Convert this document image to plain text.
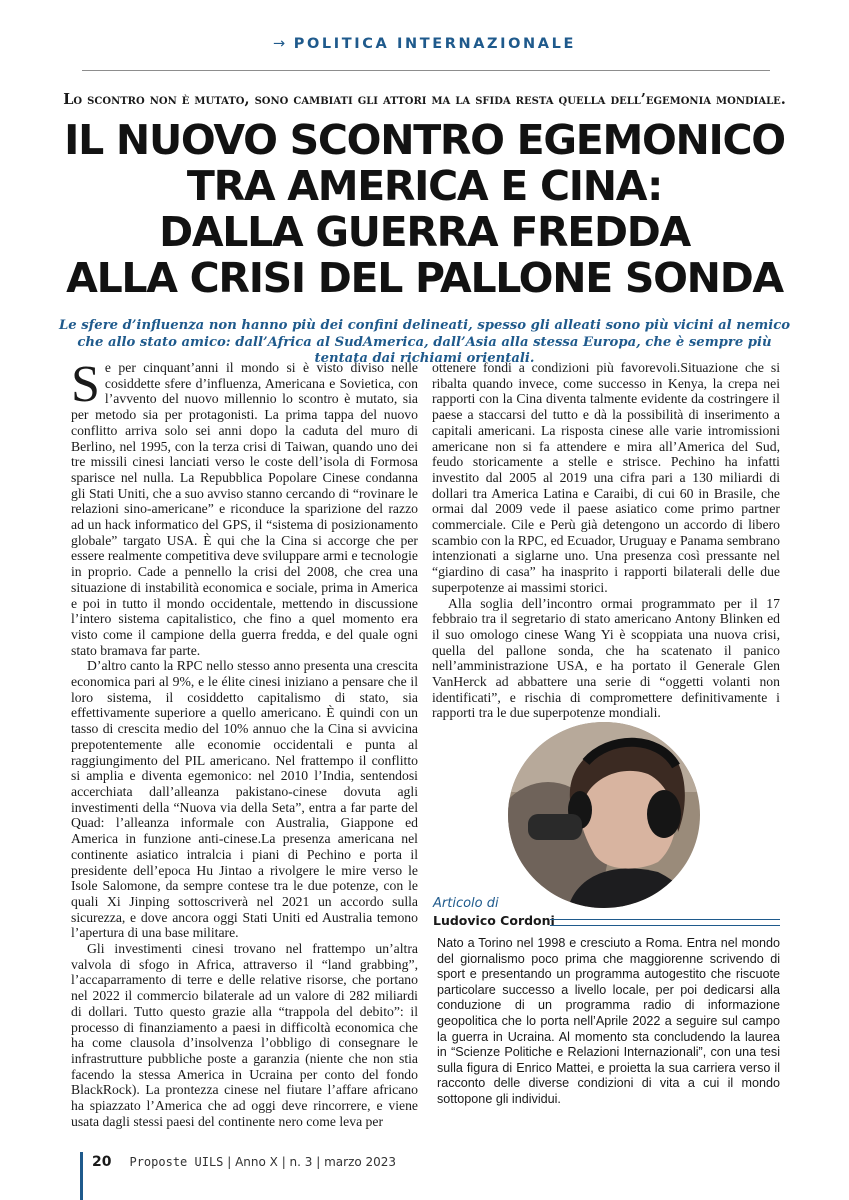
→ POLITICA INTERNAZIONALE
Lo scontro non è mutato, sono cambiati gli attori ma la sfida resta quella dell’egemonia mondiale.
IL NUOVO SCONTRO EGEMONICO
TRA AMERICA E CINA:
DALLA GUERRA FREDDA
ALLA CRISI DEL PALLONE SONDA
Le sfere d’influenza non hanno più dei confini delineati, spesso gli alleati sono più vicini al nemico che allo stato amico: dall’Africa al SudAmerica, dall’Asia alla stessa Europa, che è sempre più tentata dai richiami orientali.

Se per cinquant’anni il mondo si è visto diviso nelle cosiddette sfere d’influenza, Americana e Sovietica, con l’avvento del nuovo millennio lo scontro è mutato, sia per metodo sia per protagonisti. La prima tappa del nuovo conflitto arriva solo sei anni dopo la caduta del muro di Berlino, nel 1995, con la terza crisi di Taiwan, quando uno dei tre missili cinesi lanciati verso le coste dell’isola di Formosa sparisce nel nulla. La Repubblica Popolare Cinese condanna gli Stati Uniti, che a suo avviso stanno cercando di “rovinare le relazioni sino-americane” e riconduce la sparizione del razzo ad un hack informatico del GPS, il “sistema di posizionamento globale” targato USA. È qui che la Cina si accorge che per essere realmente competitiva deve sviluppare armi e tecnologie in proprio. Cade a pennello la crisi del 2008, che crea una situazione di instabilità economica e sociale, prima in America e poi in tutto il mondo occidentale, mettendo in discussione l’intero sistema capitalistico, che fino a quel momento era visto come il campione della guerra fredda, e del quale ogni stato bramava far parte.

D’altro canto la RPC nello stesso anno presenta una crescita economica pari al 9%, e le élite cinesi iniziano a pensare che il loro sistema, il cosiddetto capitalismo di stato, sia effettivamente superiore a quello americano. È quindi con un tasso di crescita medio del 10% annuo che la Cina si avvicina prepotentemente alle economie occidentali e punta al raggiungimento del PIL americano. Nel frattempo il conflitto si amplia e diventa egemonico: nel 2010 l’India, sentendosi accerchiata dall’alleanza pakistano-cinese dovuta agli investimenti della “Nuova via della Seta”, entra a far parte del Quad: l’alleanza informale con Australia, Giappone ed America in funzione anti-cinese.La presenza americana nel continente asiatico intralcia i piani di Pechino e porta il presidente dell’epoca Hu Jintao a rivolgere le mire verso le Isole Salomone, da sempre contese tra le due potenze, con le quali Xi Jinping sottoscriverà nel 2021 un accordo sulla sicurezza, e dove ancora oggi Stati Uniti ed Australia temono l’apertura di una base militare.

Gli investimenti cinesi trovano nel frattempo un’altra valvola di sfogo in Africa, attraverso il “land grabbing”, l’accaparramento di terre e delle relative risorse, che portano nel 2022 il commercio bilaterale ad un valore di 282 miliardi di dollari. Tutto questo grazie alla “trappola del debito”: il processo di finanziamento a paesi in difficoltà economica che ha come clausola d’insolvenza l’obbligo di consegnare le infrastrutture pubbliche poste a garanzia (niente che non stia facendo la stessa America in Ucraina per conto del fondo BlackRock). La prontezza cinese nel fiutare l’affare africano ha spiazzato l’America che ad oggi deve rincorrere, e viene usata dagli stessi paesi del continente nero come leva per

ottenere fondi a condizioni più favorevoli.Situazione che si ribalta quando invece, come successo in Kenya, la crepa nei rapporti con la Cina diventa talmente evidente da costringere il paese a staccarsi del tutto e dà la possibilità di inserimento a capitali americani. La risposta cinese alle varie intromissioni americane non si fa attendere e mira all’America del Sud, feudo storicamente a stelle e strisce. Pechino ha infatti investito dal 2005 al 2019 una cifra pari a 130 miliardi di dollari tra America Latina e Caraibi, di cui 60 in Brasile, che ormai dal 2009 vede il paese asiatico come primo partner commerciale. Cile e Perù già detengono un accordo di libero scambio con la RPC, ed Ecuador, Uruguay e Panama sembrano intenzionati a siglarne uno. Una presenza così pressante nel “giardino di casa” ha inasprito i rapporti bilaterali delle due superpotenze ai massimi storici.

Alla soglia dell’incontro ormai programmato per il 17 febbraio tra il segretario di stato americano Antony Blinken ed il suo omologo cinese Wang Yi è scoppiata una nuova crisi, quella del pallone sonda, che ha scatenato il panico nell’amministrazione USA, e ha portato il Generale Glen VanHerck ad abbattere una serie di “oggetti volanti non identificati”, e rischia di compromettere definitivamente i rapporti tra le due superpotenze mondiali.

Articolo di
Ludovico Cordoni
Nato a Torino nel 1998 e cresciuto a Roma. Entra nel mondo del giornalismo poco prima che maggiorenne scrivendo di sport e presentando un programma autogestito che riscuote particolare successo a livello locale, per poi dedicarsi alla conduzione di un programma radio di informazione geopolitica che lo porta nell’Aprile 2022 a seguire sul campo la guerra in Ucraina. Al momento sta concludendo la laurea in “Scienze Politiche e Relazioni Internazionali”, con una tesi sulla figura di Enrico Mattei, e proietta la sua carriera verso il racconto delle diverse condizioni di vita a cui il mondo sottopone gli individui.
20 Proposte UILS | Anno X | n. 3 | marzo 2023
